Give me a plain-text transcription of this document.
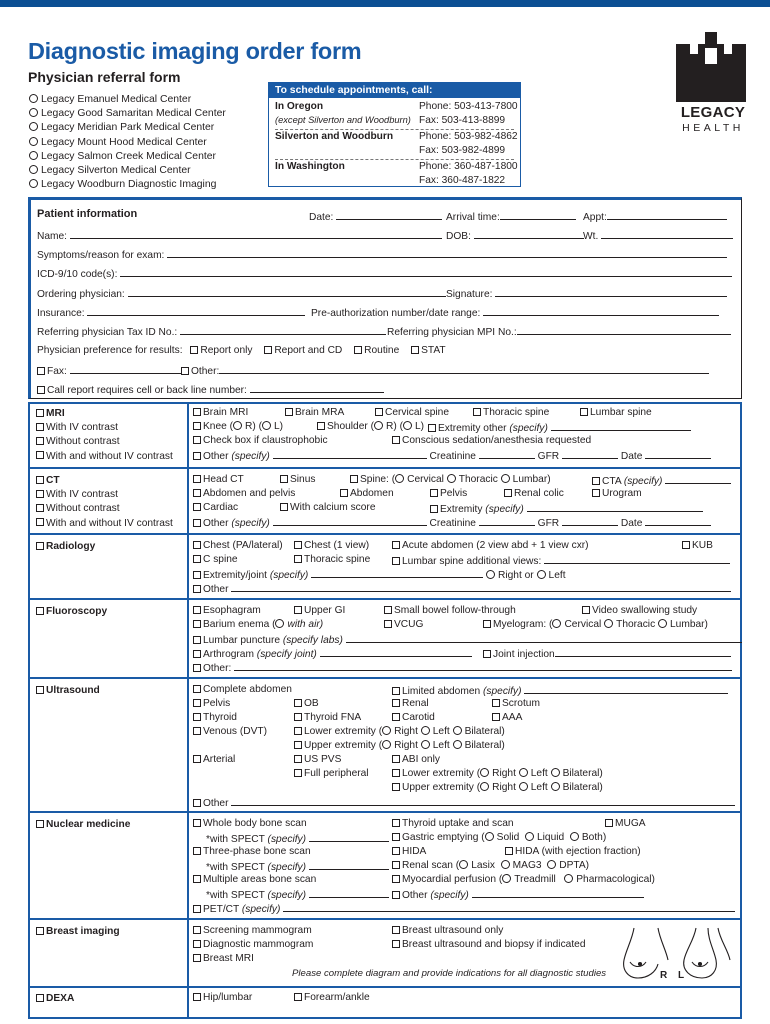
Diagnostic imaging order form
Physician referral form
Legacy Emanuel Medical Center
Legacy Good Samaritan Medical Center
Legacy Meridian Park Medical Center
Legacy Mount Hood Medical Center
Legacy Salmon Creek Medical Center
Legacy Silverton Medical Center
Legacy Woodburn Diagnostic Imaging
To schedule appointments, call:
In Oregon	Phone: 503-413-7800
(except Silverton and Woodburn) Fax: 503-413-8899
Silverton and Woodburn	Phone: 503-982-4862
Fax: 503-982-4899
In Washington	Phone: 360-487-1800
Fax: 360-487-1822
LEGACY
HEALTH
Patient information	Date:	Arrival time:	Appt:
Name:	DOB:	Wt.
Symptoms/reason for exam:
ICD-9/10 code(s):
Ordering physician:	Signature:
Insurance:	Pre-authorization number/date range:
Referring physician Tax ID No.:	Referring physician MPI No.:
Physician preference for results: Report only Report and CD Routine STAT
Fax:	Other:
Call report requires cell or back line number:
MRI
With IV contrast
Without contrast
With and without IV contrast
Brain MRI	Brain MRA	Cervical spine	Thoracic spine	Lumbar spine
Knee ( R) ( L)	Shoulder ( R) ( L)	Extremity other (specify)
Check box if claustrophobic	Conscious sedation/anesthesia requested
Other (specify)	Creatinine	GFR	Date
CT
With IV contrast
Without contrast
With and without IV contrast
Head CT	Sinus	Spine: ( Cervical Thoracic Lumbar)	CTA (specify)
Abdomen and pelvis	Abdomen	Pelvis	Renal colic	Urogram
Cardiac	With calcium score	Extremity (specify)
Other (specify)	Creatinine	GFR	Date
Radiology	Chest (PA/lateral)	Chest (1 view)	Acute abdomen (2 view abd + 1 view cxr)	KUB
C spine	Thoracic spine	Lumbar spine additional views:
Extremity/joint (specify)	Right or Left
Other
Fluoroscopy	Esophagram	Upper GI	Small bowel follow-through	Video swallowing study
Barium enema ( with air)	VCUG	Myelogram: ( Cervical Thoracic Lumbar)
Lumbar puncture (specify labs)
Arthrogram (specify joint)	Joint injection
Other:
Ultrasound	Complete abdomen	Limited abdomen (specify)
Pelvis	OB	Renal	Scrotum
Thyroid	Thyroid FNA	Carotid	AAA
Venous (DVT)	Lower extremity ( Right Left Bilateral)
Upper extremity ( Right Left Bilateral)
Arterial	US PVS	ABI only
Full peripheral	Lower extremity ( Right Left Bilateral)
Upper extremity ( Right Left Bilateral)
Other
Nuclear medicine	Whole body bone scan	Thyroid uptake and scan	MUGA
*with SPECT (specify)	Gastric emptying ( Solid Liquid Both)
Three-phase bone scan	HIDA	HIDA (with ejection fraction)
*with SPECT (specify)	Renal scan ( Lasix MAG3 DPTA)
Multiple areas bone scan	Myocardial perfusion ( Treadmill Pharmacological)
*with SPECT (specify)	Other (specify)
PET/CT (specify)
Breast imaging	Screening mammogram	Breast ultrasound only
Diagnostic mammogram	Breast ultrasound and biopsy if indicated
Breast MRI
Please complete diagram and provide indications for all diagnostic studies	R L
DEXA	Hip/lumbar	Forearm/ankle
